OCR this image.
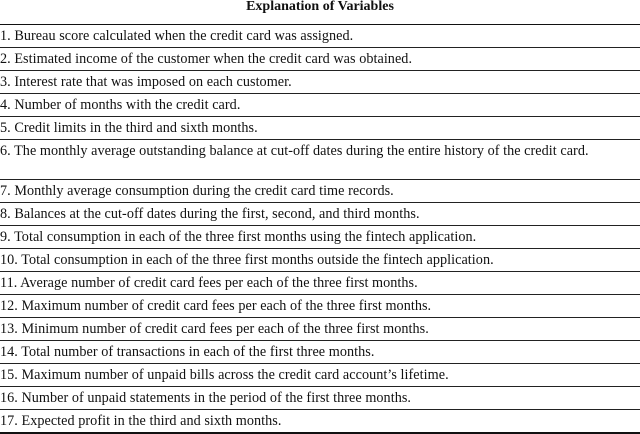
Explanation of Variables
1. Bureau score calculated when the credit card was assigned.
2. Estimated income of the customer when the credit card was obtained.
3. Interest rate that was imposed on each customer.
4. Number of months with the credit card.
5. Credit limits in the third and sixth months.
6. The monthly average outstanding balance at cut-off dates during the entire history of the credit card.
7. Monthly average consumption during the credit card time records.
8. Balances at the cut-off dates during the first, second, and third months.
9. Total consumption in each of the three first months using the fintech application.
10. Total consumption in each of the three first months outside the fintech application.
11. Average number of credit card fees per each of the three first months.
12. Maximum number of credit card fees per each of the three first months.
13. Minimum number of credit card fees per each of the three first months.
14. Total number of transactions in each of the first three months.
15. Maximum number of unpaid bills across the credit card account’s lifetime.
16. Number of unpaid statements in the period of the first three months.
17. Expected profit in the third and sixth months.
